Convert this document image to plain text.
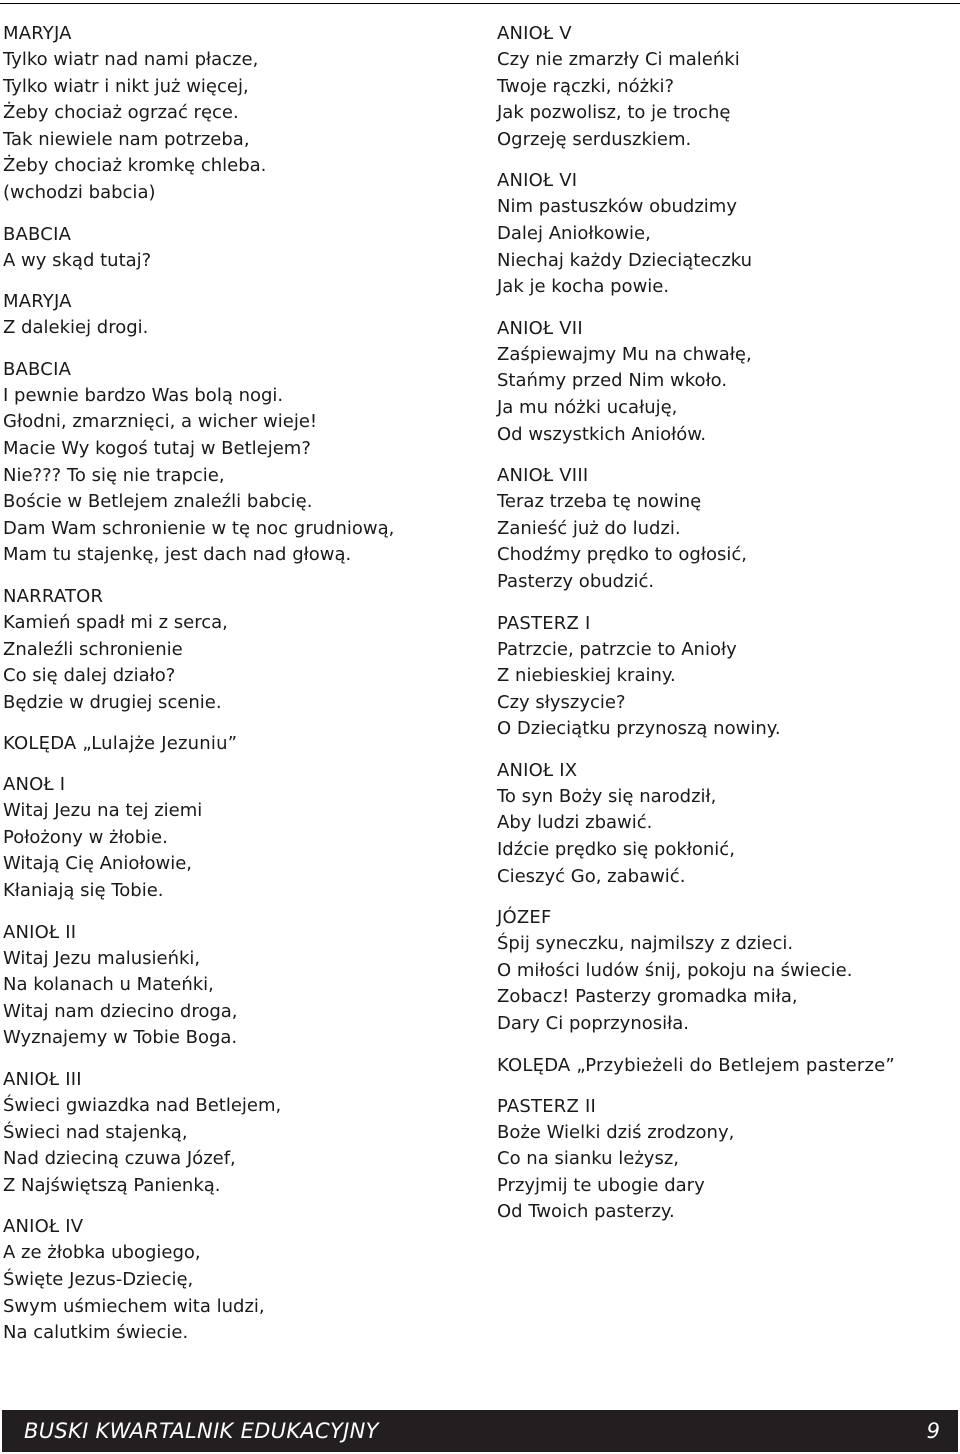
MARYJA
Tylko wiatr nad nami płacze,
Tylko wiatr i nikt już więcej,
Żeby chociaż ogrzać ręce.
Tak niewiele nam potrzeba,
Żeby chociaż kromkę chleba.
(wchodzi babcia)
BABCIA
A wy skąd tutaj?
MARYJA
Z dalekiej drogi.
BABCIA
I pewnie bardzo Was bolą nogi.
Głodni, zmarznięci, a wicher wieje!
Macie Wy kogoś tutaj w Betlejem?
Nie??? To się nie trapcie,
Boście w Betlejem znaleźli babcię.
Dam Wam schronienie w tę noc grudniową,
Mam tu stajenkę, jest dach nad głową.
NARRATOR
Kamień spadł mi z serca,
Znaleźli schronienie
Co się dalej działo?
Będzie w drugiej scenie.
KOLĘDA „Lulajże Jezuniu”
ANOŁ I
Witaj Jezu na tej ziemi
Położony w żłobie.
Witają Cię Aniołowie,
Kłaniają się Tobie.
ANIOŁ II
Witaj Jezu malusieńki,
Na kolanach u Mateńki,
Witaj nam dziecino droga,
Wyznajemy w Tobie Boga.
ANIOŁ III
Świeci gwiazdka nad Betlejem,
Świeci nad stajenką,
Nad dzieciną czuwa Józef,
Z Najświętszą Panienką.
ANIOŁ IV
A ze żłobka ubogiego,
Święte Jezus-Dziecię,
Swym uśmiechem wita ludzi,
Na calutkim świecie.
ANIOŁ V
Czy nie zmarzły Ci maleńki
Twoje rączki, nóżki?
Jak pozwolisz, to je trochę
Ogrzeję serduszkiem.
ANIOŁ VI
Nim pastuszków obudzimy
Dalej Aniołkowie,
Niechaj każdy Dzieciąteczku
Jak je kocha powie.
ANIOŁ VII
Zaśpiewajmy Mu na chwałę,
Stańmy przed Nim wkoło.
Ja mu nóżki ucałuję,
Od wszystkich Aniołów.
ANIOŁ VIII
Teraz trzeba tę nowinę
Zanieść już do ludzi.
Chodźmy prędko to ogłosić,
Pasterzy obudzić.
PASTERZ I
Patrzcie, patrzcie to Anioły
Z niebieskiej krainy.
Czy słyszycie?
O Dzieciątku przynoszą nowiny.
ANIOŁ IX
To syn Boży się narodził,
Aby ludzi zbawić.
Idźcie prędko się pokłonić,
Cieszyć Go, zabawić.
JÓZEF
Śpij syneczku, najmilszy z dzieci.
O miłości ludów śnij, pokoju na świecie.
Zobacz! Pasterzy gromadka miła,
Dary Ci poprzynosiła.
KOLĘDA „Przybieżeli do Betlejem pasterze”
PASTERZ II
Boże Wielki dziś zrodzony,
Co na sianku leżysz,
Przyjmij te ubogie dary
Od Twoich pasterzy.
BUSKI KWARTALNIK EDUKACYJNY	9
